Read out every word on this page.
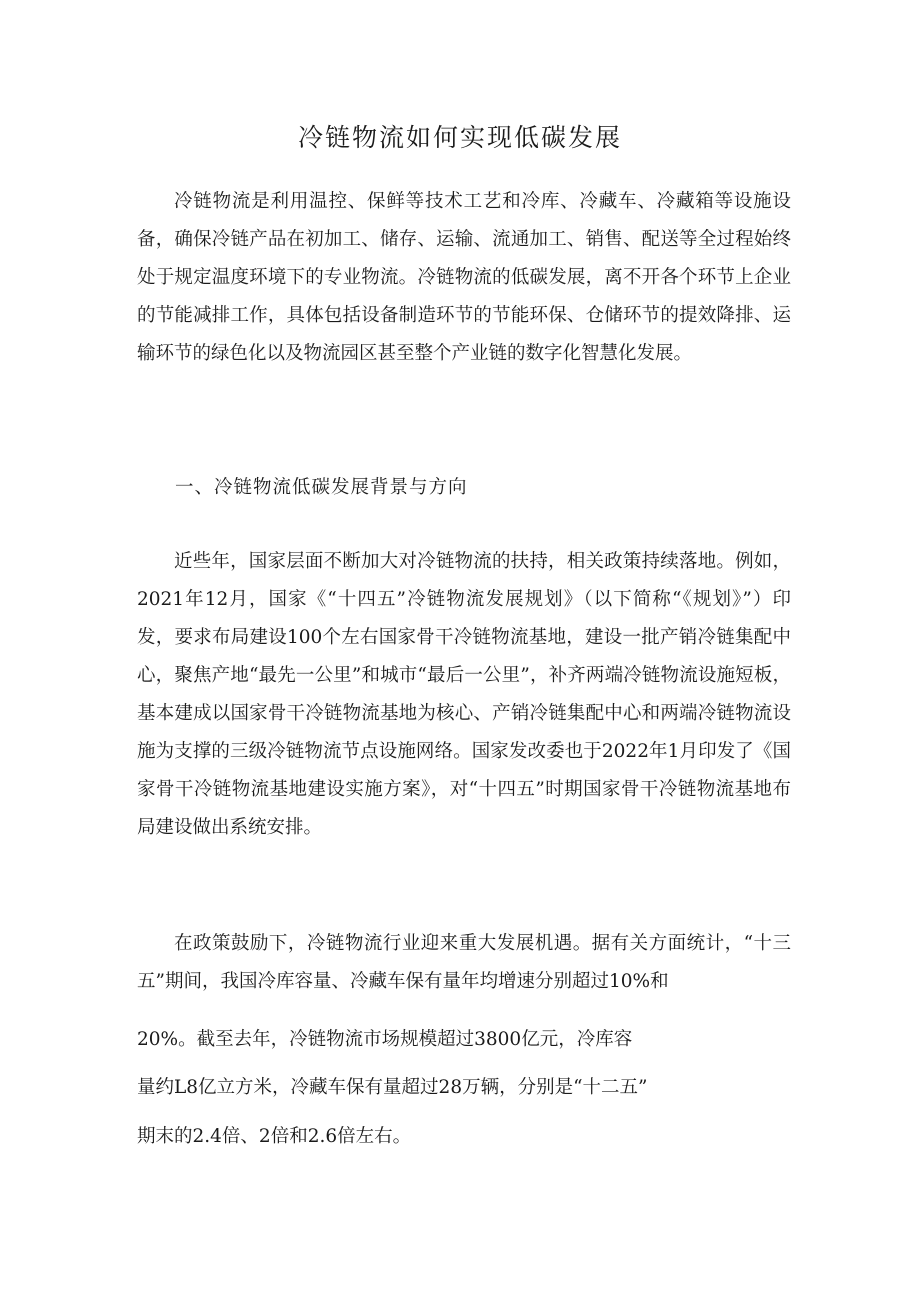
冷链物流如何实现低碳发展

冷链物流是利用温控、保鲜等技术工艺和冷库、冷藏车、冷藏箱等设施设备，确保冷链产品在初加工、储存、运输、流通加工、销售、配送等全过程始终处于规定温度环境下的专业物流。冷链物流的低碳发展，离不开各个环节上企业的节能减排工作，具体包括设备制造环节的节能环保、仓储环节的提效降排、运输环节的绿色化以及物流园区甚至整个产业链的数字化智慧化发展。

一、冷链物流低碳发展背景与方向

近些年，国家层面不断加大对冷链物流的扶持，相关政策持续落地。例如，2021年12月，国家《“十四五”冷链物流发展规划》（以下简称“《规划》”）印发，要求布局建设100个左右国家骨干冷链物流基地，建设一批产销冷链集配中心，聚焦产地“最先一公里”和城市“最后一公里”，补齐两端冷链物流设施短板，基本建成以国家骨干冷链物流基地为核心、产销冷链集配中心和两端冷链物流设施为支撑的三级冷链物流节点设施网络。国家发改委也于2022年1月印发了《国家骨干冷链物流基地建设实施方案》，对“十四五”时期国家骨干冷链物流基地布局建设做出系统安排。

在政策鼓励下，冷链物流行业迎来重大发展机遇。据有关方面统计，“十三五”期间，我国冷库容量、冷藏车保有量年均增速分别超过10%和

20%。截至去年，冷链物流市场规模超过3800亿元，冷库容

量约L8亿立方米，冷藏车保有量超过28万辆，分别是“十二五”

期末的2.4倍、2倍和2.6倍左右。
